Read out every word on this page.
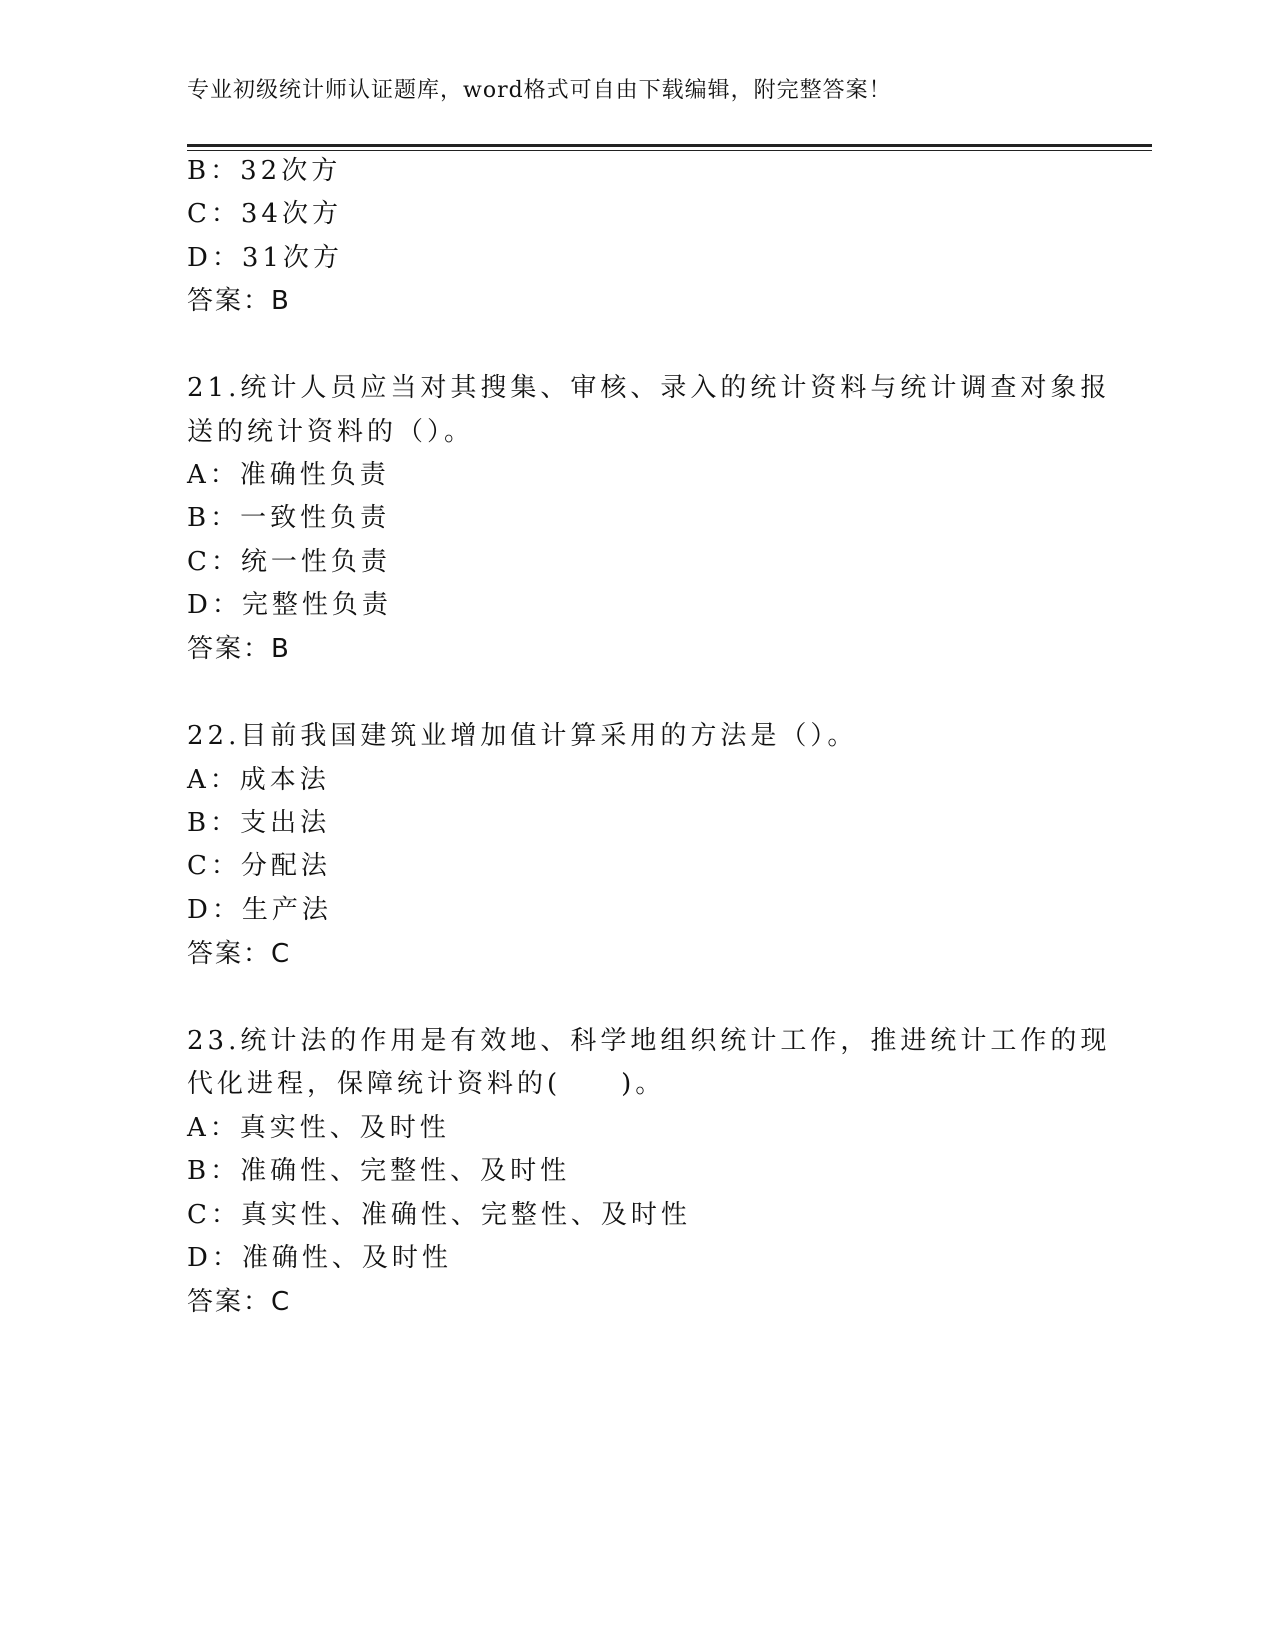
专业初级统计师认证题库，word格式可自由下载编辑，附完整答案！
B：32次方
C：34次方
D：31次方
答案：B
21.统计人员应当对其搜集、审核、录入的统计资料与统计调查对象报
送的统计资料的（）。
A：准确性负责
B：一致性负责
C：统一性负责
D：完整性负责
答案：B
22.目前我国建筑业增加值计算采用的方法是（）。
A：成本法
B：支出法
C：分配法
D：生产法
答案：C
23.统计法的作用是有效地、科学地组织统计工作，推进统计工作的现
代化进程，保障统计资料的(　　)。
A：真实性、及时性
B：准确性、完整性、及时性
C：真实性、准确性、完整性、及时性
D：准确性、及时性
答案：C
